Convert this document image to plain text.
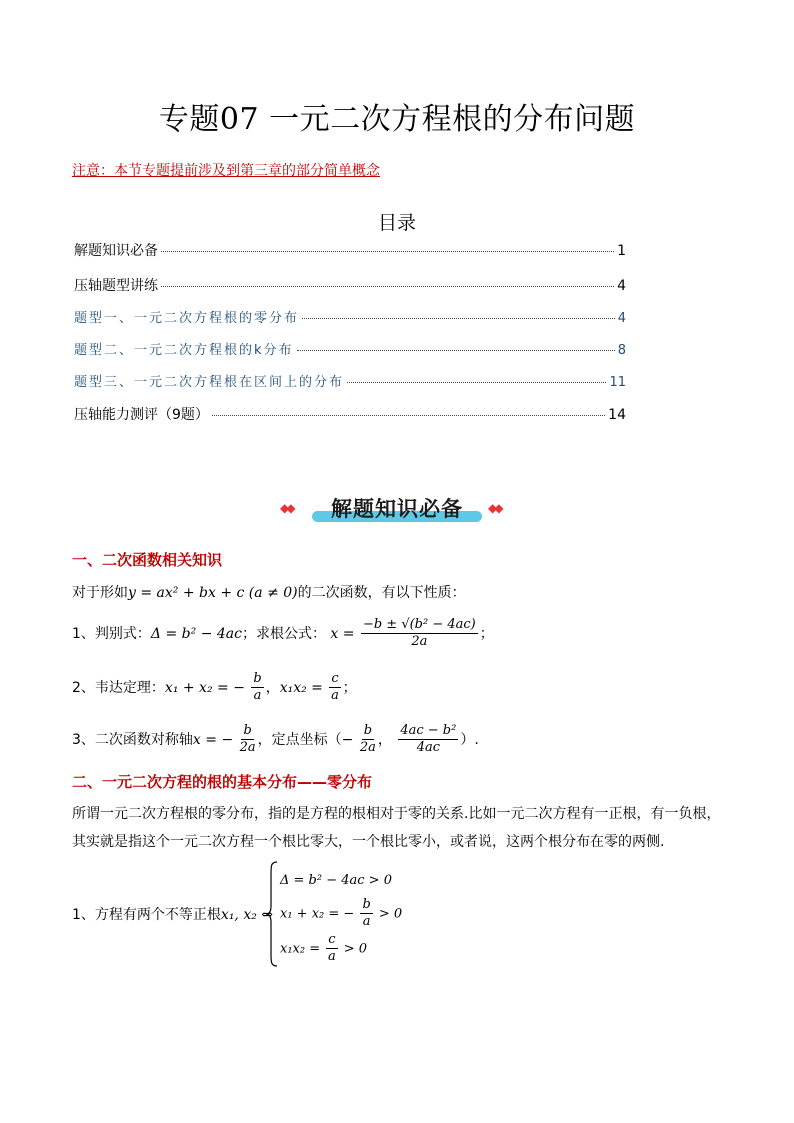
专题07 一元二次方程根的分布问题
注意：本节专题提前涉及到第三章的部分简单概念
目录
解题知识必备	1
压轴题型讲练	4
题型一、一元二次方程根的零分布	4
题型二、一元二次方程根的k分布	8
题型三、一元二次方程根在区间上的分布	11
压轴能力测评（9题）	14
◆◆	解题知识必备	◆◆
一、二次函数相关知识
对于形如y = ax² + bx + c (a ≠ 0)的二次函数，有以下性质：
1、判别式：Δ = b² − 4ac；求根公式： $x = \frac{\text{−b ± √(b² − 4ac)}}{2a}$ ；
2、韦达定理：x₁ + x₂ = − $\frac{b}{a}$ ，$x_1x_2 = \frac{c}{a}$ ；
3、二次函数对称轴x = − $\frac{b}{2a}$ ，定点坐标（− $\frac{b}{2a}$ ， $\frac{\text{4ac − b²}}{4ac}$ ）.
二、一元二次方程的根的基本分布——零分布
所谓一元二次方程根的零分布，指的是方程的根相对于零的关系.比如一元二次方程有一正根，有一负根，其实就是指这个一元二次方程一个根比零大，一个根比零小，或者说，这两个根分布在零的两侧.
1、方程有两个不等正根x₁, x₂ ⇔
Δ = b² − 4ac > 0
x₁ + x₂ = − $\frac{b}{a} > 0$
$x_1x_2 = \frac{c}{a} > 0$
